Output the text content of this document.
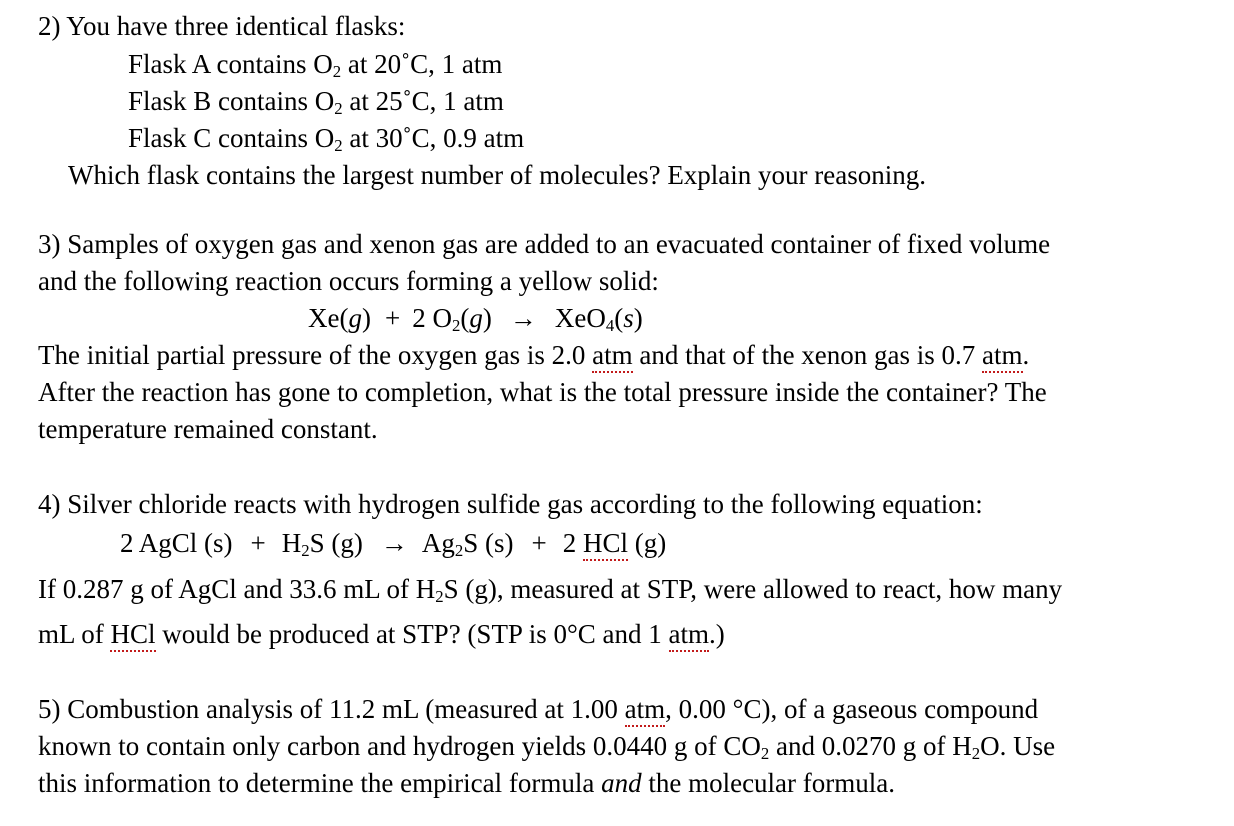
2) You have three identical flasks:
Flask A contains $O_2$ at 20˚C, 1 atm
Flask B contains $O_2$ at 25˚C, 1 atm
Flask C contains $O_2$ at 30˚C, 0.9 atm
Which flask contains the largest number of molecules? Explain your reasoning.
3) Samples of oxygen gas and xenon gas are added to an evacuated container of fixed volume
and the following reaction occurs forming a yellow solid:
Xe(g) + 2 $O_2(g) \to XeO_4(s)$
The initial partial pressure of the oxygen gas is 2.0 atm and that of the xenon gas is 0.7 atm.
After the reaction has gone to completion, what is the total pressure inside the container? The
temperature remained constant.
4) Silver chloride reacts with hydrogen sulfide gas according to the following equation:
2 AgCl $(s) + H_2S$ $(g) \to Ag_2S$ (s) + 2 HCl (g)
If 0.287 g of AgCl and 33.6 mL of $H_2S$ (g), measured at STP, were allowed to react, how many
mL of HCl would be produced at STP? (STP is 0°C and 1 atm.)
5) Combustion analysis of 11.2 mL (measured at 1.00 atm, 0.00 °C), of a gaseous compound
known to contain only carbon and hydrogen yields 0.0440 g of $CO_2$ and 0.0270 g of $H_2O$. Use
this information to determine the empirical formula and the molecular formula.
